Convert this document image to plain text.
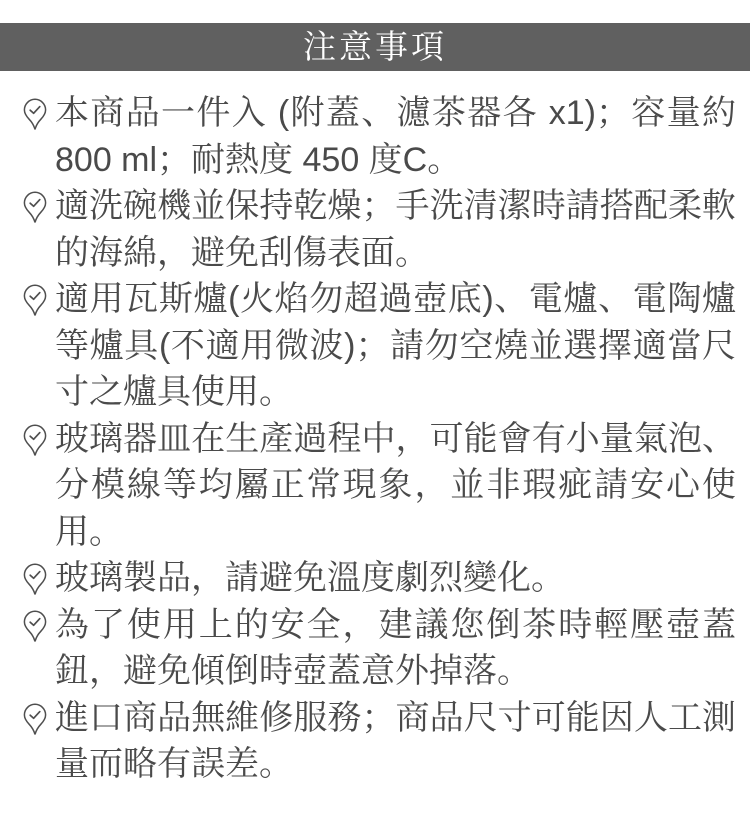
注意事項
本商品一件入 (附蓋、濾茶器各 x1)；容量約 800 ml；耐熱度 450 度C。
適洗碗機並保持乾燥；手洗清潔時請搭配柔軟的海綿，避免刮傷表面。
適用瓦斯爐(火焰勿超過壺底)、電爐、電陶爐等爐具(不適用微波)；請勿空燒並選擇適當尺寸之爐具使用。
玻璃器皿在生產過程中，可能會有小量氣泡、分模線等均屬正常現象，並非瑕疵請安心使用。
玻璃製品，請避免溫度劇烈變化。
為了使用上的安全，建議您倒茶時輕壓壺蓋鈕，避免傾倒時壺蓋意外掉落。
進口商品無維修服務；商品尺寸可能因人工測量而略有誤差。
